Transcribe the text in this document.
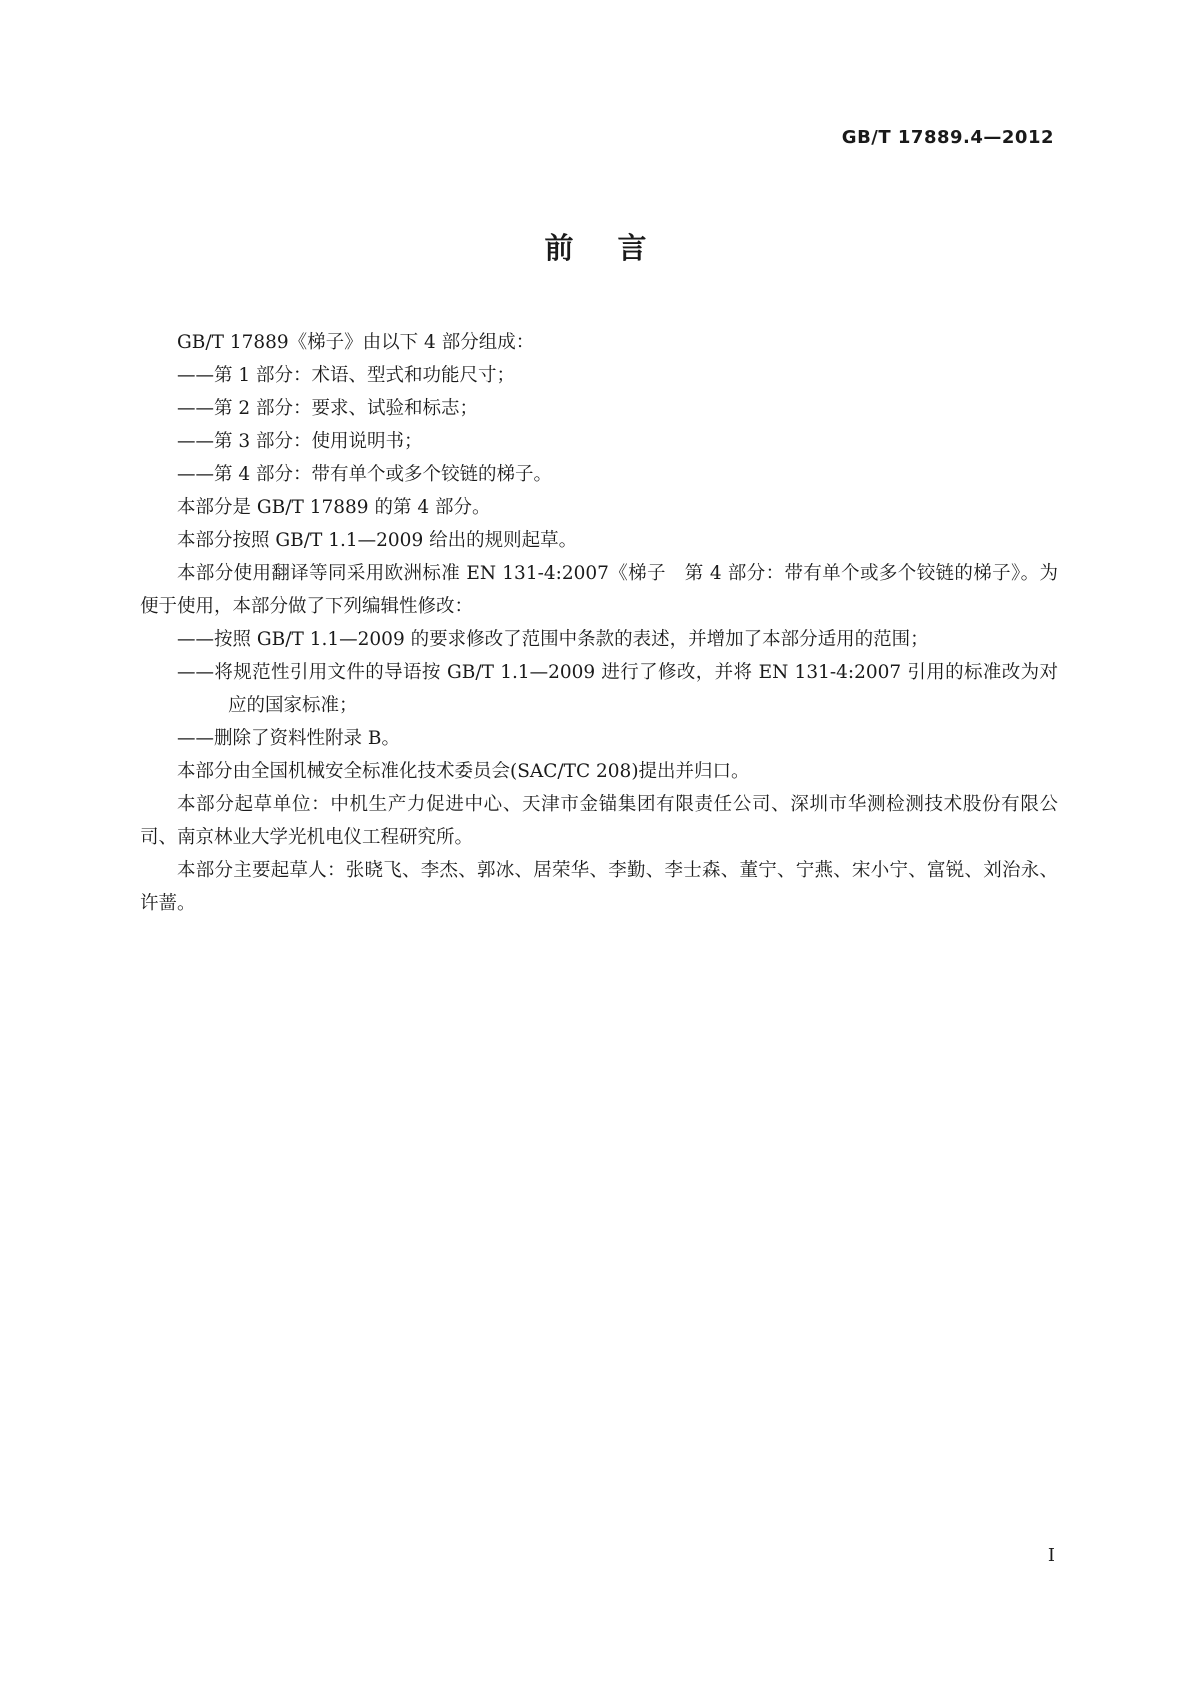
GB/T 17889.4—2012
前言

GB/T 17889《梯子》由以下 4 部分组成：

——第 1 部分：术语、型式和功能尺寸；

——第 2 部分：要求、试验和标志；

——第 3 部分：使用说明书；

——第 4 部分：带有单个或多个铰链的梯子。

本部分是 GB/T 17889 的第 4 部分。

本部分按照 GB/T 1.1—2009 给出的规则起草。

本部分使用翻译等同采用欧洲标准 EN 131-4:2007《梯子　第 4 部分：带有单个或多个铰链的梯子》。为便于使用，本部分做了下列编辑性修改：

——按照 GB/T 1.1—2009 的要求修改了范围中条款的表述，并增加了本部分适用的范围；

——将规范性引用文件的导语按 GB/T 1.1—2009 进行了修改，并将 EN 131-4:2007 引用的标准改为对应的国家标准；

——删除了资料性附录 B。

本部分由全国机械安全标准化技术委员会(SAC/TC 208)提出并归口。

本部分起草单位：中机生产力促进中心、天津市金锚集团有限责任公司、深圳市华测检测技术股份有限公司、南京林业大学光机电仪工程研究所。

本部分主要起草人：张晓飞、李杰、郭冰、居荣华、李勤、李士森、董宁、宁燕、宋小宁、富锐、刘治永、许蔷。

I
